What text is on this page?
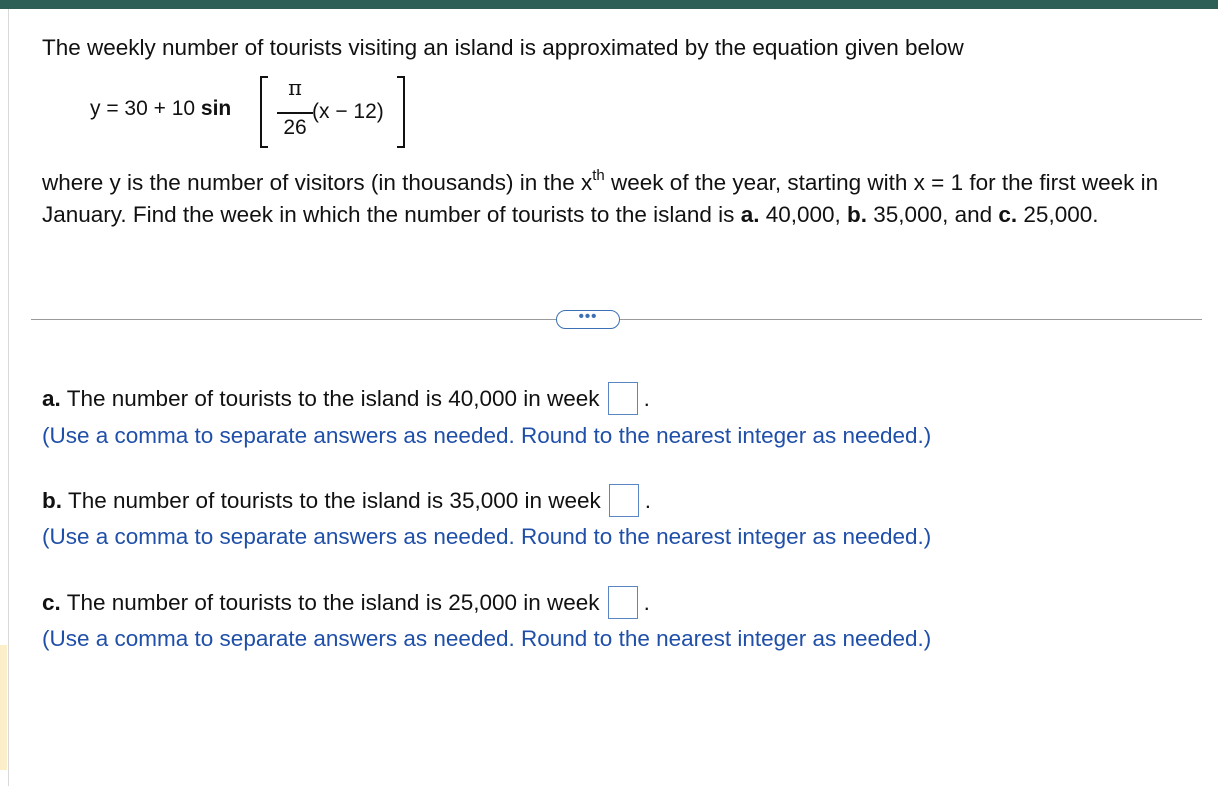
The weekly number of tourists visiting an island is approximated by the equation given below
y = 30 + 10 sin
π
26
(x − 12)
where y is the number of visitors (in thousands) in the $x^{th}$ week of the year, starting with x = 1 for the first week in January. Find the week in which the number of tourists to the island is a. 40,000, b. 35,000, and c. 25,000.
•••
a. The number of tourists to the island is 40,000 in week .
(Use a comma to separate answers as needed. Round to the nearest integer as needed.)
b. The number of tourists to the island is 35,000 in week .
(Use a comma to separate answers as needed. Round to the nearest integer as needed.)
c. The number of tourists to the island is 25,000 in week .
(Use a comma to separate answers as needed. Round to the nearest integer as needed.)
